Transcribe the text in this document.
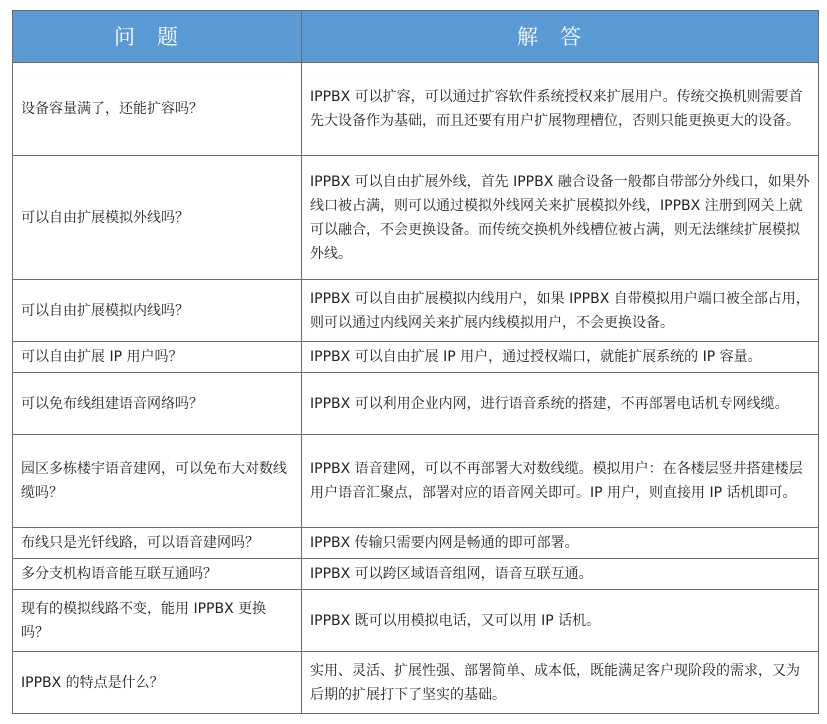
问题	解答
设备容量满了，还能扩容吗？	IPPBX 可以扩容，可以通过扩容软件系统授权来扩展用户。传统交换机则需要首先大设备作为基础，而且还要有用户扩展物理槽位，否则只能更换更大的设备。
可以自由扩展模拟外线吗？	IPPBX 可以自由扩展外线，首先 IPPBX 融合设备一般都自带部分外线口，如果外线口被占满，则可以通过模拟外线网关来扩展模拟外线，IPPBX 注册到网关上就可以融合，不会更换设备。而传统交换机外线槽位被占满，则无法继续扩展模拟外线。
可以自由扩展模拟内线吗？	IPPBX 可以自由扩展模拟内线用户，如果 IPPBX 自带模拟用户端口被全部占用，则可以通过内线网关来扩展内线模拟用户，不会更换设备。
可以自由扩展 IP 用户吗？	IPPBX 可以自由扩展 IP 用户，通过授权端口，就能扩展系统的 IP 容量。
可以免布线组建语音网络吗？	IPPBX 可以利用企业内网，进行语音系统的搭建，不再部署电话机专网线缆。
园区多栋楼宇语音建网，可以免布大对数线缆吗？	IPPBX 语音建网，可以不再部署大对数线缆。模拟用户：在各楼层竖井搭建楼层用户语音汇聚点，部署对应的语音网关即可。IP 用户，则直接用 IP 话机即可。
布线只是光钎线路，可以语音建网吗？	IPPBX 传输只需要内网是畅通的即可部署。
多分支机构语音能互联互通吗？	IPPBX 可以跨区域语音组网，语音互联互通。
现有的模拟线路不变，能用 IPPBX 更换吗？	IPPBX 既可以用模拟电话，又可以用 IP 话机。
IPPBX 的特点是什么？	实用、灵活、扩展性强、部署简单、成本低，既能满足客户现阶段的需求，又为后期的扩展打下了坚实的基础。
